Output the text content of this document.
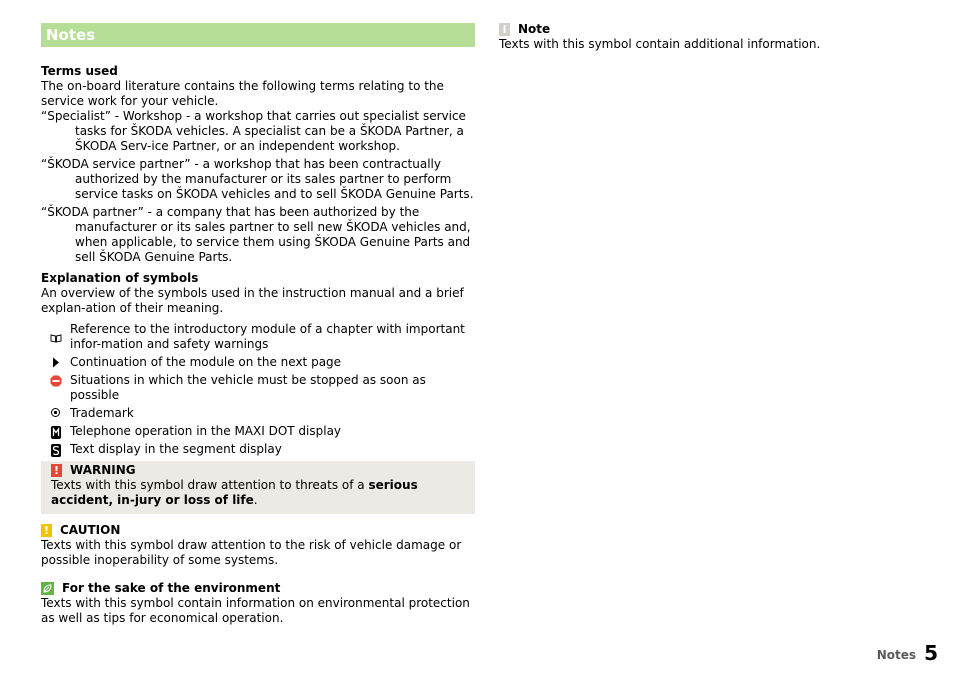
Notes

Terms used

The on-board literature contains the following terms relating to the service work for your vehicle.

“Specialist” - Workshop - a workshop that carries out specialist service tasks for ŠKODA vehicles. A specialist can be a ŠKODA Partner, a ŠKODA Serv-ice Partner, or an independent workshop.

“ŠKODA service partner” - a workshop that has been contractually authorized by the manufacturer or its sales partner to perform service tasks on ŠKODA vehicles and to sell ŠKODA Genuine Parts.

“ŠKODA partner” - a company that has been authorized by the manufacturer or its sales partner to sell new ŠKODA vehicles and, when applicable, to service them using ŠKODA Genuine Parts and sell ŠKODA Genuine Parts.

Explanation of symbols

An overview of the symbols used in the instruction manual and a brief explan-ation of their meaning.

Reference to the introductory module of a chapter with important infor-mation and safety warnings
Continuation of the module on the next page
Situations in which the vehicle must be stopped as soon as possible
Trademark
Telephone operation in the MAXI DOT display
Text display in the segment display
! WARNING

Texts with this symbol draw attention to threats of a serious accident, in-jury or loss of life.

! CAUTION

Texts with this symbol draw attention to the risk of vehicle damage or possible inoperability of some systems.

For the sake of the environment

Texts with this symbol contain information on environmental protection as well as tips for economical operation.

i Note

Texts with this symbol contain additional information.

Notes 5
